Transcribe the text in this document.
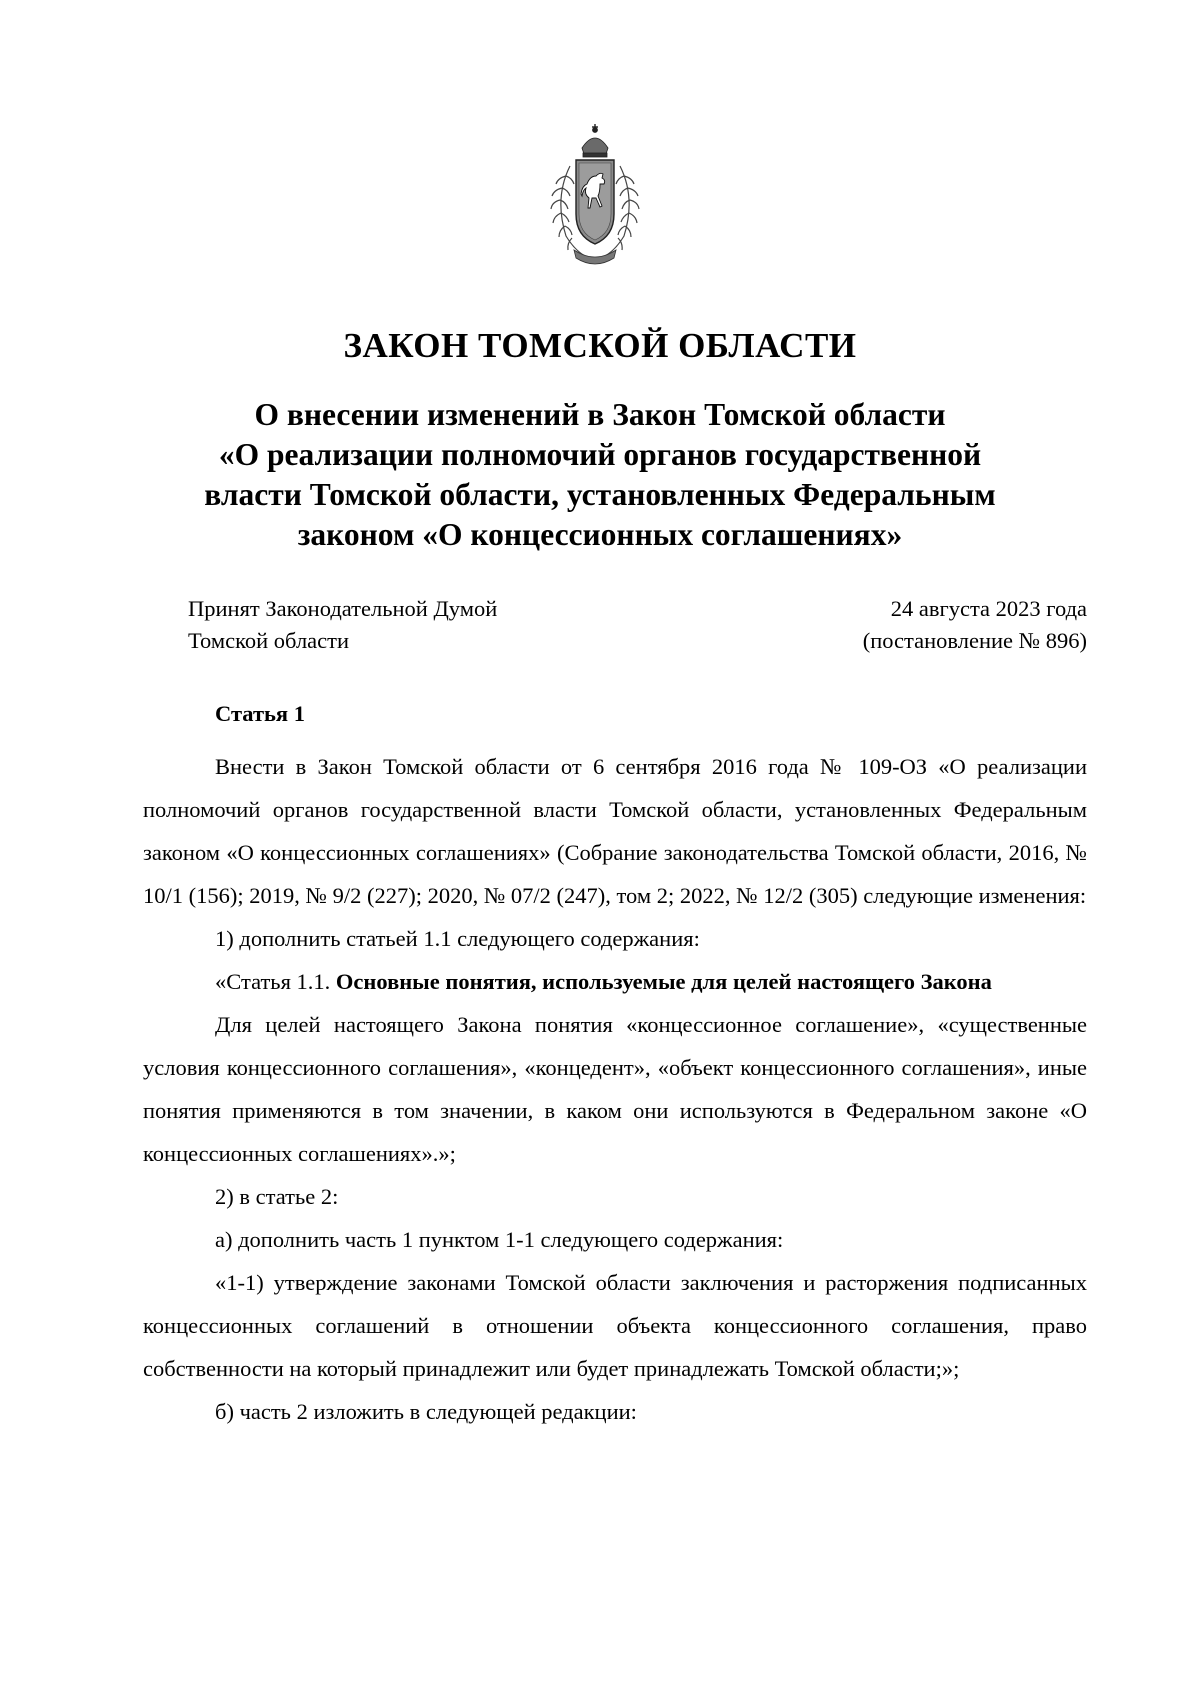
ЗАКОН ТОМСКОЙ ОБЛАСТИ
О внесении изменений в Закон Томской области
«О реализации полномочий органов государственной
власти Томской области, установленных Федеральным
законом «О концессионных соглашениях»
Принят Законодательной Думой
Томской области
24 августа 2023 года
(постановление № 896)

Статья 1

Внести в Закон Томской области от 6 сентября 2016 года № 109-ОЗ «О реализации полномочий органов государственной власти Томской области, установленных Федеральным законом «О концессионных соглашениях» (Собрание законодательства Томской области, 2016, № 10/1 (156); 2019, № 9/2 (227); 2020, № 07/2 (247), том 2; 2022, № 12/2 (305) следующие изменения:

1) дополнить статьей 1.1 следующего содержания:

«Статья 1.1. Основные понятия, используемые для целей настоящего Закона

Для целей настоящего Закона понятия «концессионное соглашение», «существенные условия концессионного соглашения», «концедент», «объект концессионного соглашения», иные понятия применяются в том значении, в каком они используются в Федеральном законе «О концессионных соглашениях».»;

2) в статье 2:

а) дополнить часть 1 пунктом 1-1 следующего содержания:

«1-1) утверждение законами Томской области заключения и расторжения подписанных концессионных соглашений в отношении объекта концессионного соглашения, право собственности на который принадлежит или будет принадлежать Томской области;»;

б) часть 2 изложить в следующей редакции:
